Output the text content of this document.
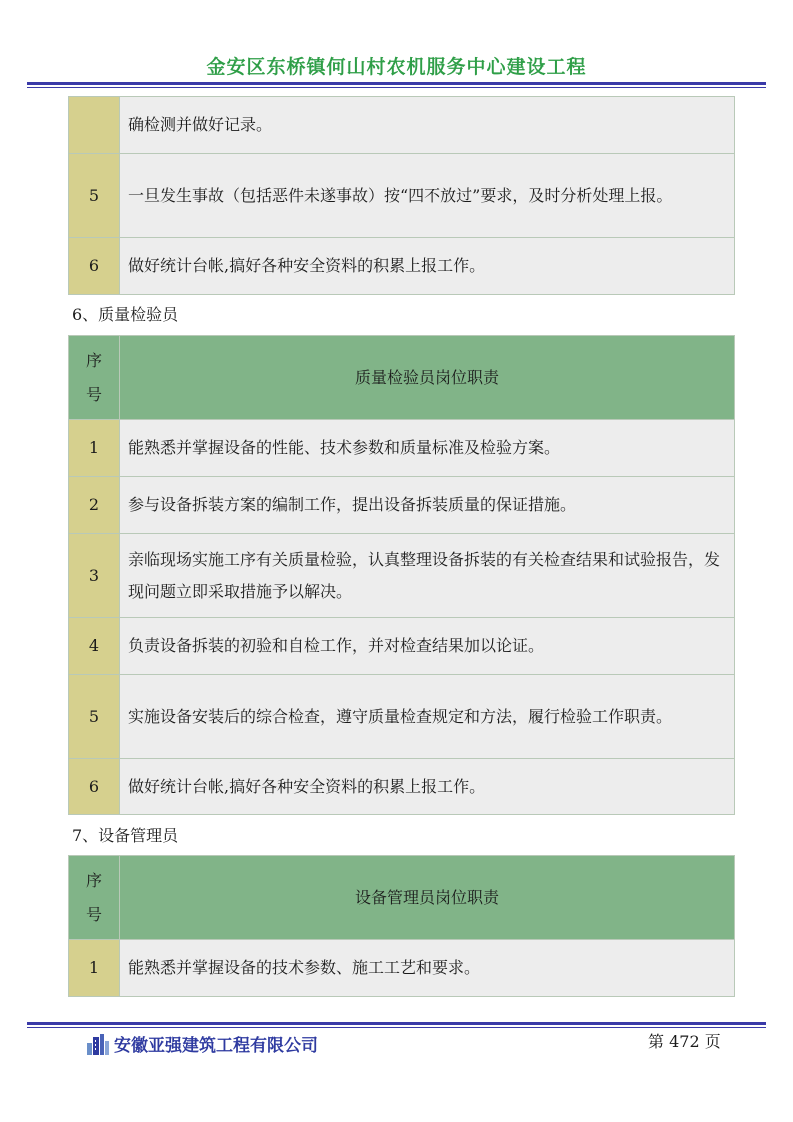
金安区东桥镇何山村农机服务中心建设工程
	确检测并做好记录。
5	一旦发生事故（包括恶件未遂事故）按“四不放过”要求，及时分析处理上报。
6	做好统计台帐,搞好各种安全资料的积累上报工作。
6、质量检验员
序
号	质量检验员岗位职责
1	能熟悉并掌握设备的性能、技术参数和质量标准及检验方案。
2	参与设备拆装方案的编制工作，提出设备拆装质量的保证措施。
3	亲临现场实施工序有关质量检验，认真整理设备拆装的有关检查结果和试验报告，发现问题立即采取措施予以解决。
4	负责设备拆装的初验和自检工作，并对检查结果加以论证。
5	实施设备安装后的综合检查，遵守质量检查规定和方法，履行检验工作职责。
6	做好统计台帐,搞好各种安全资料的积累上报工作。
7、设备管理员
序
号	设备管理员岗位职责
1	能熟悉并掌握设备的技术参数、施工工艺和要求。
安徽亚强建筑工程有限公司	第 472 页
